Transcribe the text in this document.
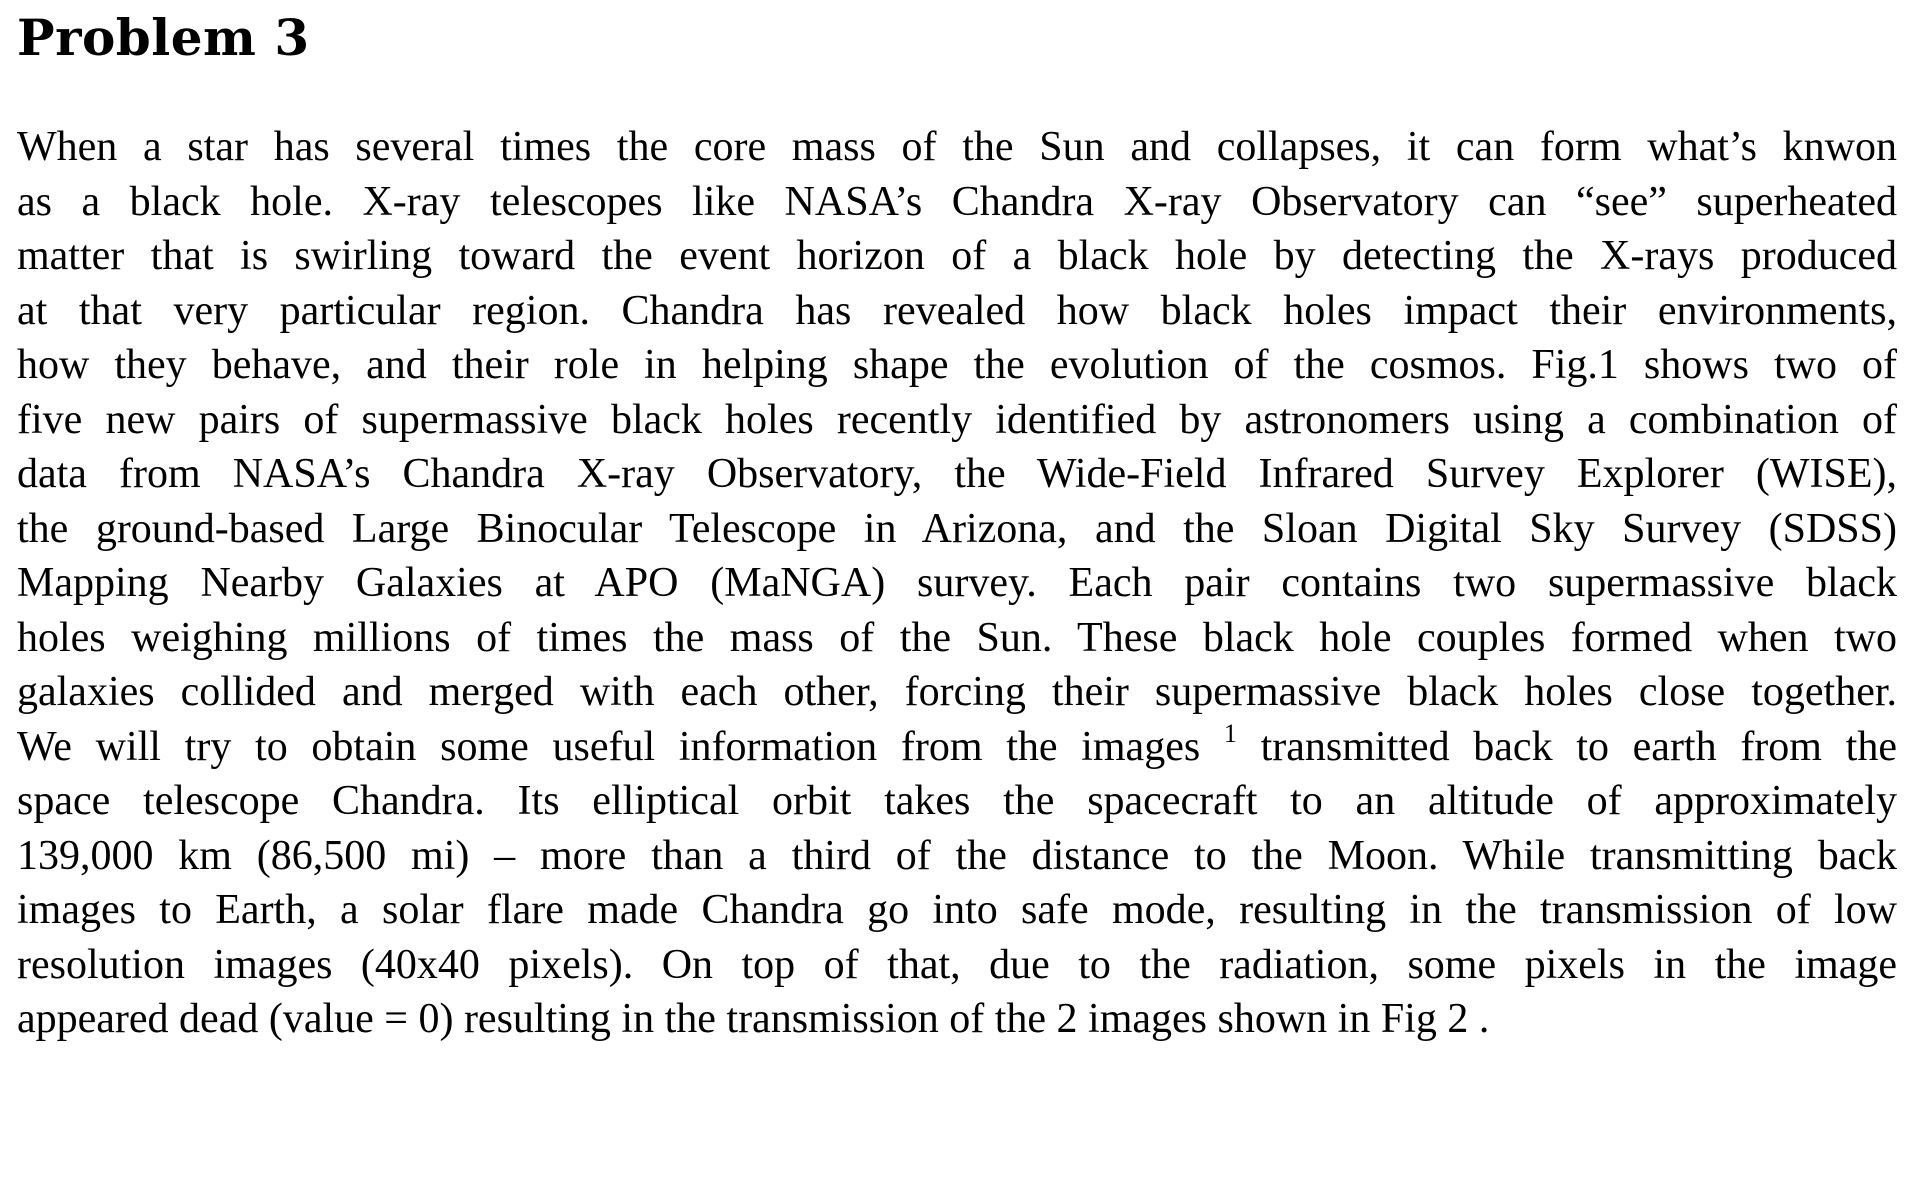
Problem 3

When a star has several times the core mass of the Sun and collapses, it can form what’s knwon
as a black hole. X-ray telescopes like NASA’s Chandra X-ray Observatory can “see” superheated
matter that is swirling toward the event horizon of a black hole by detecting the X-rays produced
at that very particular region. Chandra has revealed how black holes impact their environments,
how they behave, and their role in helping shape the evolution of the cosmos. Fig.1 shows two of
five new pairs of supermassive black holes recently identified by astronomers using a combination of
data from NASA’s Chandra X-ray Observatory, the Wide-Field Infrared Survey Explorer (WISE),
the ground-based Large Binocular Telescope in Arizona, and the Sloan Digital Sky Survey (SDSS)
Mapping Nearby Galaxies at APO (MaNGA) survey. Each pair contains two supermassive black
holes weighing millions of times the mass of the Sun. These black hole couples formed when two
galaxies collided and merged with each other, forcing their supermassive black holes close together.
We will try to obtain some useful information from the images $^1$ transmitted back to earth from the
space telescope Chandra. Its elliptical orbit takes the spacecraft to an altitude of approximately
139,000 km (86,500 mi) – more than a third of the distance to the Moon. While transmitting back
images to Earth, a solar flare made Chandra go into safe mode, resulting in the transmission of low
resolution images (40x40 pixels). On top of that, due to the radiation, some pixels in the image
appeared dead (value = 0) resulting in the transmission of the 2 images shown in Fig 2 .
